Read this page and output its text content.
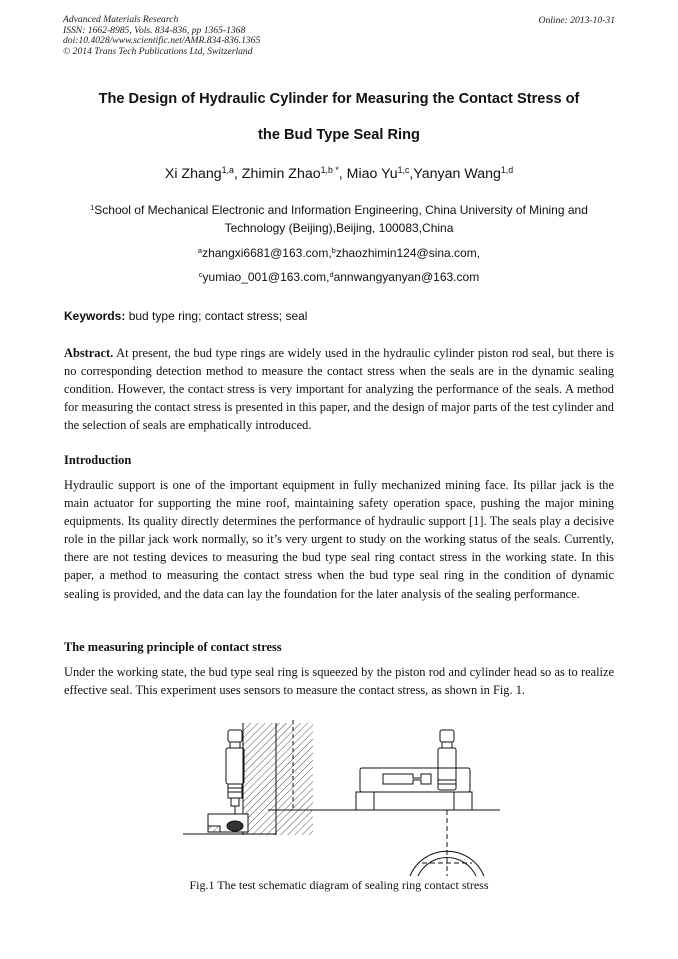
Advanced Materials Research
ISSN: 1662-8985, Vols. 834-836, pp 1365-1368
doi:10.4028/www.scientific.net/AMR.834-836.1365
© 2014 Trans Tech Publications Ltd, Switzerland
Online: 2013-10-31
The Design of Hydraulic Cylinder for Measuring the Contact Stress of
the Bud Type Seal Ring
Xi Zhang$^{1,a}$, Zhimin Zhao$^{1,b *}$, Miao Yu$^{1,c}$,Yanyan Wang$^{1,d}$
$^1$School of Mechanical Electronic and Information Engineering, China University of Mining and
Technology (Beijing),Beijing, 100083,China
$^a$zhangxi6681@163.com,$^b$zhaozhimin124@sina.com,
$^c$yumiao_001@163.com,$^d$annwangyanyan@163.com
Keywords: bud type ring; contact stress; seal
Abstract. At present, the bud type rings are widely used in the hydraulic cylinder piston rod seal, but there is no corresponding detection method to measure the contact stress when the seals are in the dynamic sealing condition. However, the contact stress is very important for analyzing the performance of the seals. A method for measuring the contact stress is presented in this paper, and the design of major parts of the test cylinder and the selection of seals are emphatically introduced.
Introduction
Hydraulic support is one of the important equipment in fully mechanized mining face. Its pillar jack is the main actuator for supporting the mine roof, maintaining safety operation space, pushing the major mining equipments. Its quality directly determines the performance of hydraulic support [1]. The seals play a decisive role in the pillar jack work normally, so it’s very urgent to study on the working status of the seals. Currently, there are not testing devices to measuring the bud type seal ring contact stress in the working state. In this paper, a method to measuring the contact stress when the bud type seal ring in the condition of dynamic sealing is provided, and the data can lay the foundation for the later analysis of the sealing performance.
The measuring principle of contact stress
Under the working state, the bud type seal ring is squeezed by the piston rod and cylinder head so as to realize effective seal. This experiment uses sensors to measure the contact stress, as shown in Fig. 1.
Fig.1 The test schematic diagram of sealing ring contact stress
